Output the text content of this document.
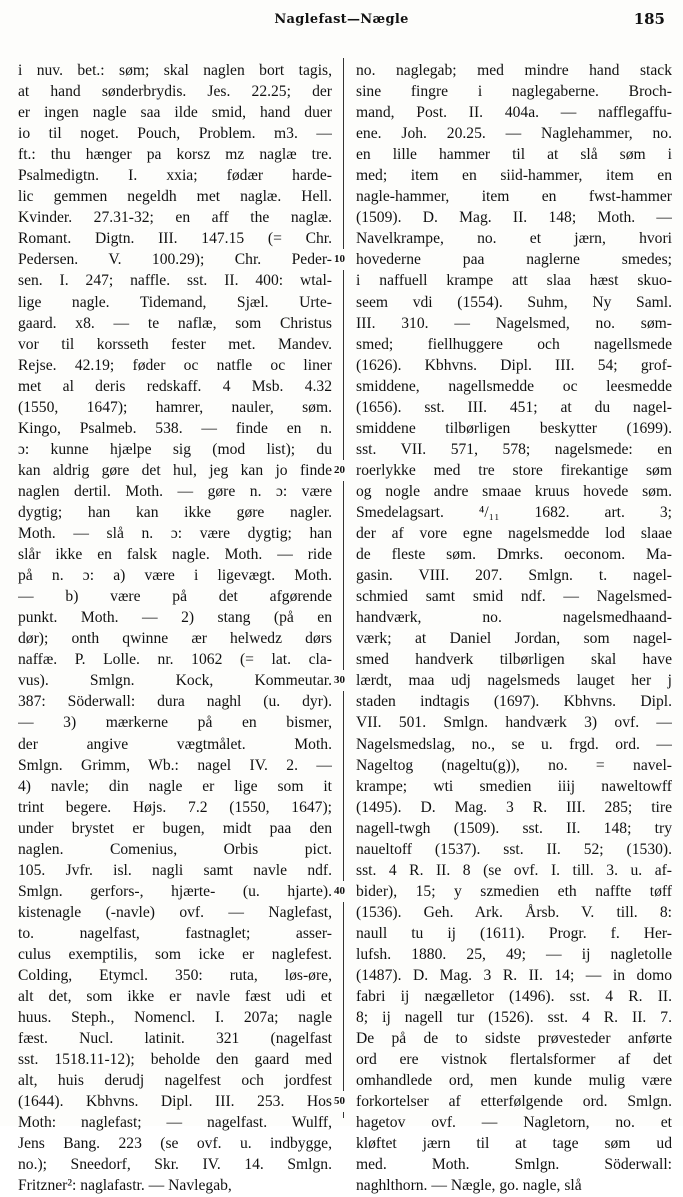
Naglefast—Nægle	185
i nuv. bet.: søm; skal naglen bort tagis,
at hand sønderbrydis. Jes. 22.25; der
er ingen nagle saa ilde smid, hand duer
io til noget. Pouch, Problem. m3. —
ft.: thu hænger pa korsz mz naglæ tre.
Psalmedigtn. I. xxia; fødær harde-
lic gemmen negeldh met naglæ. Hell.
Kvinder. 27.31-32; en aff the naglæ.
Romant. Digtn. III. 147.15 (= Chr.
Pedersen. V. 100.29); Chr. Peder-
sen. I. 247; naffle. sst. II. 400: wtal-
lige nagle. Tidemand, Sjæl. Urte-
gaard. x8. — te naflæ, som Christus
vor til korsseth fester met. Mandev.
Rejse. 42.19; føder oc natfle oc liner
met al deris redskaff. 4 Msb. 4.32
(1550, 1647); hamrer, nauler, søm.
Kingo, Psalmeb. 538. — finde en n.
ɔ: kunne hjælpe sig (mod list); du
kan aldrig gøre det hul, jeg kan jo finde
naglen dertil. Moth. — gøre n. ɔ: være
dygtig; han kan ikke gøre nagler.
Moth. — slå n. ɔ: være dygtig; han
slår ikke en falsk nagle. Moth. — ride
på n. ɔ: a) være i ligevægt. Moth.
— b) være på det afgørende
punkt. Moth. — 2) stang (på en
dør); onth qwinne ær helwedz dørs
naffæ. P. Lolle. nr. 1062 (= lat. cla-
vus). Smlgn. Kock, Kommeutar.
387: Söderwall: dura naghl (u. dyr).
— 3) mærkerne på en bismer,
der angive vægtmålet. Moth.
Smlgn. Grimm, Wb.: nagel IV. 2. —
4) navle; din nagle er lige som it
trint begere. Højs. 7.2 (1550, 1647);
under brystet er bugen, midt paa den
naglen. Comenius, Orbis pict.
105. Jvfr. isl. nagli samt navle ndf.
Smlgn. gerfors-, hjærte- (u. hjarte).
kistenagle (-navle) ovf. — Naglefast,
to. nagelfast, fastnaglet; asser-
culus exemptilis, som icke er naglefest.
Colding, Etymcl. 350: ruta, løs-øre,
alt det, som ikke er navle fæst udi et
huus. Steph., Nomencl. I. 207a; nagle
fæst. Nucl. latinit. 321 (nagelfast
sst. 1518.11-12); beholde den gaard med
alt, huis derudj nagelfest och jordfest
(1644). Kbhvns. Dipl. III. 253. Hos
Moth: naglefast; — nagelfast. Wulff,
Jens Bang. 223 (se ovf. u. indbygge,
no.); Sneedorf, Skr. IV. 14. Smlgn.
Fritzner²: naglafastr. — Navlegab,
10
20
30
40
50
no. naglegab; med mindre hand stack
sine fingre i naglegaberne. Broch-
mand, Post. II. 404a. — nafflegaffu-
ene. Joh. 20.25. — Naglehammer, no.
en lille hammer til at slå søm i
med; item en siid-hammer, item en
nagle-hammer, item en fwst-hammer
(1509). D. Mag. II. 148; Moth. —
Navelkrampe, no. et jærn, hvori
hovederne paa naglerne smedes;
i naffuell krampe att slaa hæst skuo-
seem vdi (1554). Suhm, Ny Saml.
III. 310. — Nagelsmed, no. søm-
smed; fiellhuggere och nagellsmede
(1626). Kbhvns. Dipl. III. 54; grof-
smiddene, nagellsmedde oc leesmedde
(1656). sst. III. 451; at du nagel-
smiddene tilbørligen beskytter (1699).
sst. VII. 571, 578; nagelsmede: en
roerlykke med tre store firekantige søm
og nogle andre smaae kruus hovede søm.
Smedelagsart. ⁴/₁₁ 1682. art. 3;
der af vore egne nagelsmedde lod slaae
de fleste søm. Dmrks. oeconom. Ma-
gasin. VIII. 207. Smlgn. t. nagel-
schmied samt smid ndf. — Nagelsmed-
handværk, no. nagelsmedhaand-
værk; at Daniel Jordan, som nagel-
smed handverk tilbørligen skal have
lærdt, maa udj nagelsmeds lauget her j
staden indtagis (1697). Kbhvns. Dipl.
VII. 501. Smlgn. handværk 3) ovf. —
Nagelsmedslag, no., se u. frgd. ord. —
Nageltog (nageltu(g)), no. = navel-
krampe; wti smedien iiij naweltowff
(1495). D. Mag. 3 R. III. 285; tire
nagell-twgh (1509). sst. II. 148; try
naueltoff (1537). sst. II. 52; (1530).
sst. 4 R. II. 8 (se ovf. I. till. 3. u. af-
bider), 15; y szmedien eth naffte tøff
(1536). Geh. Ark. Årsb. V. till. 8:
naull tu ij (1611). Progr. f. Her-
lufsh. 1880. 25, 49; — ij nagletolle
(1487). D. Mag. 3 R. II. 14; — in domo
fabri ij nægælletor (1496). sst. 4 R. II.
8; ij nagell tur (1526). sst. 4 R. II. 7.
De på de to sidste prøvesteder anførte
ord ere vistnok flertalsformer af det
omhandlede ord, men kunde mulig være
forkortelser af etterfølgende ord. Smlgn.
hagetov ovf. — Nagletorn, no. et
kløftet jærn til at tage søm ud
med. Moth. Smlgn. Söderwall:
naghlthorn. — Nægle, go. nagle, slå
